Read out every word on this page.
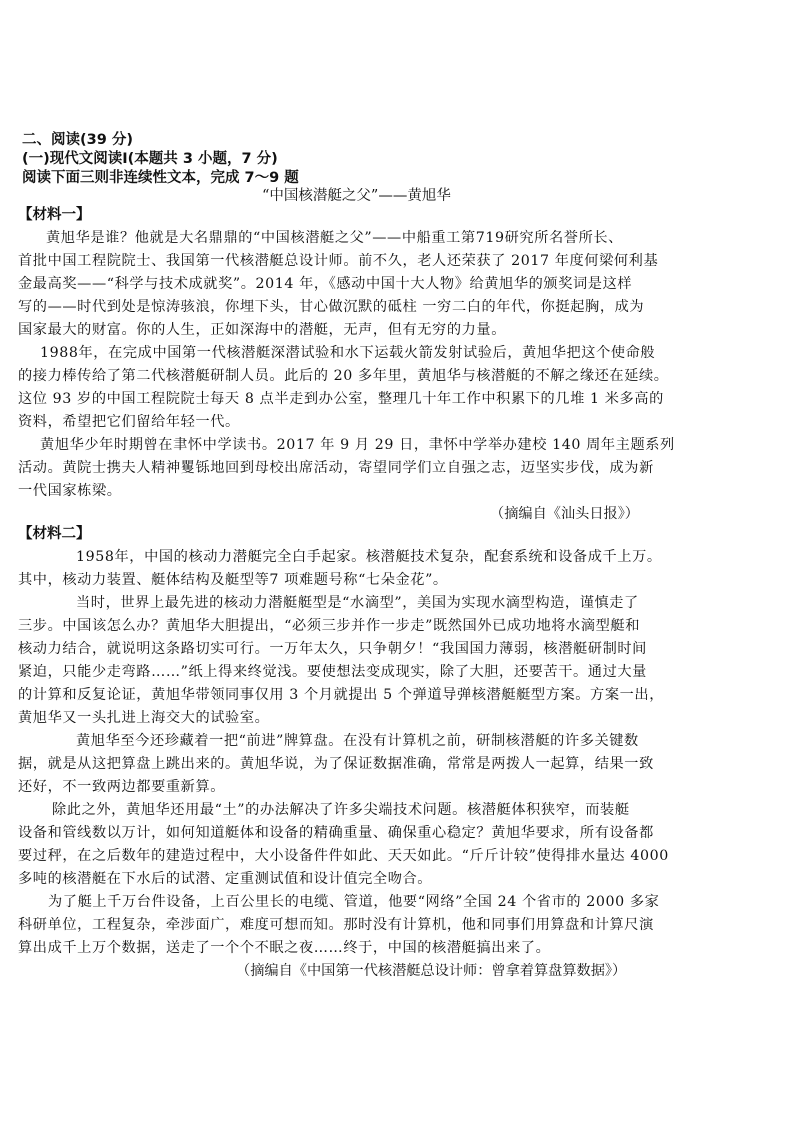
二、阅读(39 分)
(一)现代文阅读Ⅰ(本题共 3 小题，7 分)
阅读下面三则非连续性文本，完成 7～9 题
“中国核潜艇之父”——黄旭华
【材料一】
黄旭华是谁？他就是大名鼎鼎的“中国核潜艇之父”——中船重工第719研究所名誉所长、
首批中国工程院院士、我国第一代核潜艇总设计师。前不久，老人还荣获了 2017 年度何梁何利基
金最高奖——“科学与技术成就奖”。2014 年，《感动中国十大人物》给黄旭华的颁奖词是这样
写的——时代到处是惊涛骇浪，你埋下头，甘心做沉默的砥柱 一穷二白的年代，你挺起胸，成为
国家最大的财富。你的人生，正如深海中的潜艇，无声，但有无穷的力量。
1988年，在完成中国第一代核潜艇深潜试验和水下运载火箭发射试验后，黄旭华把这个使命般
的接力棒传给了第二代核潜艇研制人员。此后的 20 多年里，黄旭华与核潜艇的不解之缘还在延续。
这位 93 岁的中国工程院院士每天 8 点半走到办公室，整理几十年工作中积累下的几堆 1 米多高的
资料，希望把它们留给年轻一代。
黄旭华少年时期曾在聿怀中学读书。2017 年 9 月 29 日，聿怀中学举办建校 140 周年主题系列
活动。黄院士携夫人精神矍铄地回到母校出席活动，寄望同学们立自强之志，迈坚实步伐，成为新
一代国家栋梁。
（摘编自《汕头日报》）
【材料二】
1958年，中国的核动力潜艇完全白手起家。核潜艇技术复杂，配套系统和设备成千上万。
其中，核动力装置、艇体结构及艇型等7 项难题号称“七朵金花”。
当时，世界上最先进的核动力潜艇艇型是“水滴型”，美国为实现水滴型构造，谨慎走了
三步。中国该怎么办？黄旭华大胆提出，“必须三步并作一步走”既然国外已成功地将水滴型艇和
核动力结合，就说明这条路切实可行。一万年太久，只争朝夕！“我国国力薄弱，核潜艇研制时间
紧迫，只能少走弯路……”纸上得来终觉浅。要使想法变成现实，除了大胆，还要苦干。通过大量
的计算和反复论证，黄旭华带领同事仅用 3 个月就提出 5 个弹道导弹核潜艇艇型方案。方案一出，
黄旭华又一头扎进上海交大的试验室。
黄旭华至今还珍藏着一把“前进”牌算盘。在没有计算机之前，研制核潜艇的许多关键数
据，就是从这把算盘上跳出来的。黄旭华说，为了保证数据准确，常常是两拨人一起算，结果一致
还好，不一致两边都要重新算。
除此之外，黄旭华还用最“土”的办法解决了许多尖端技术问题。核潜艇体积狭窄，而装艇
设备和管线数以万计，如何知道艇体和设备的精确重量、确保重心稳定？黄旭华要求，所有设备都
要过秤，在之后数年的建造过程中，大小设备件件如此、天天如此。“斤斤计较”使得排水量达 4000
多吨的核潜艇在下水后的试潜、定重测试值和设计值完全吻合。
为了艇上千万台件设备，上百公里长的电缆、管道，他要“网络”全国 24 个省市的 2000 多家
科研单位，工程复杂，牵涉面广，难度可想而知。那时没有计算机，他和同事们用算盘和计算尺演
算出成千上万个数据，送走了一个个不眠之夜……终于，中国的核潜艇搞出来了。
（摘编自《中国第一代核潜艇总设计师：曾拿着算盘算数据》）
